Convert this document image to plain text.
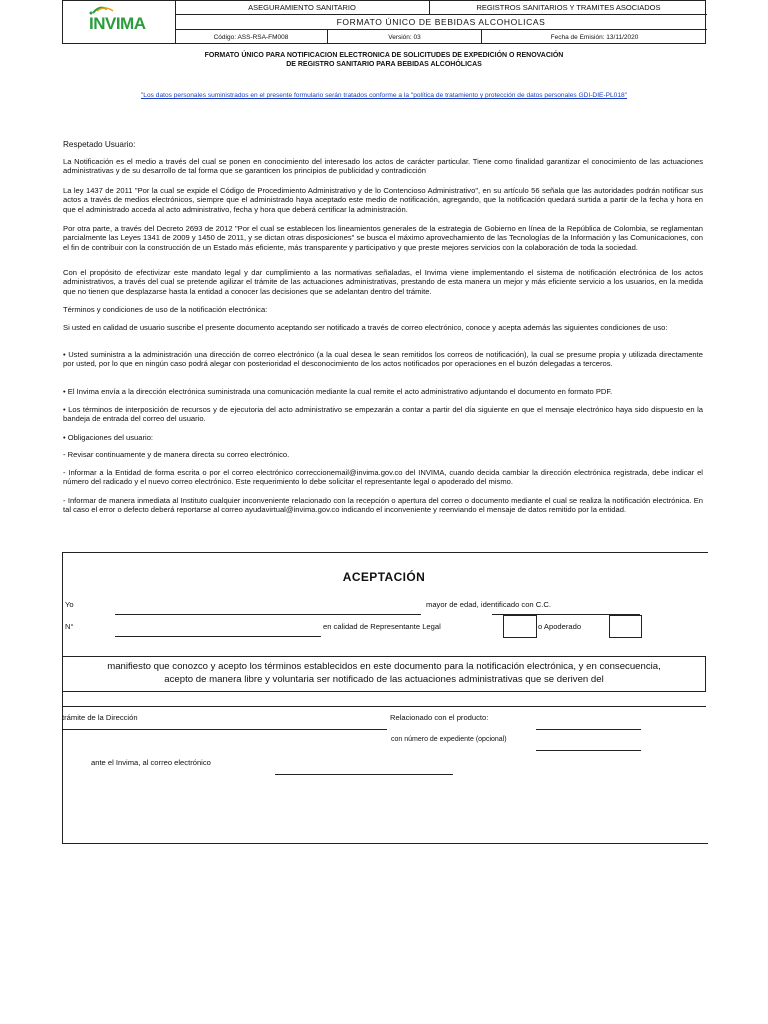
INVIMA
ASEGURAMIENTO SANITARIO	REGISTROS SANITARIOS Y TRAMITES ASOCIADOS
FORMATO ÚNICO DE BEBIDAS ALCOHOLICAS
Código: ASS-RSA-FM008	Versión: 03	Fecha de Emisión: 13/11/2020
FORMATO ÚNICO PARA NOTIFICACION ELECTRONICA DE SOLICITUDES DE EXPEDICIÓN O RENOVACIÓN
DE REGISTRO SANITARIO PARA BEBIDAS ALCOHÓLICAS
"Los datos personales suministrados en el presente formulario serán tratados conforme a la "política de tratamiento y protección de datos personales GDI-DIE-PL018"
Respetado Usuario:
La Notificación es el medio a través del cual se ponen en conocimiento del interesado los actos de carácter particular. Tiene como finalidad garantizar el conocimiento de las actuaciones administrativas y de su desarrollo de tal forma que se garanticen los principios de publicidad y contradicción
La ley 1437 de 2011 "Por la cual se expide el Código de Procedimiento Administrativo y de lo Contencioso Administrativo", en su artículo 56 señala que las autoridades podrán notificar sus actos a través de medios electrónicos, siempre que el administrado haya aceptado este medio de notificación, agregando, que la notificación quedará surtida a partir de la fecha y hora en que el administrado acceda al acto administrativo, fecha y hora que deberá certificar la administración.
Por otra parte, a través del Decreto 2693 de 2012 "Por el cual se establecen los lineamientos generales de la estrategia de Gobierno en línea de la República de Colombia, se reglamentan parcialmente las Leyes 1341 de 2009 y 1450 de 2011, y se dictan otras disposiciones" se busca el máximo aprovechamiento de las Tecnologías de la Información y las Comunicaciones, con el fin de contribuir con la construcción de un Estado más eficiente, más transparente y participativo y que preste mejores servicios con la colaboración de toda la sociedad.
Con el propósito de efectivizar este mandato legal y dar cumplimiento a las normativas señaladas, el Invima viene implementando el sistema de notificación electrónica de los actos administrativos, a través del cual se pretende agilizar el trámite de las actuaciones administrativas, prestando de esta manera un mejor y más eficiente servicio a los usuarios, en la medida que no tienen que desplazarse hasta la entidad a conocer las decisiones que se adelantan dentro del trámite.
Términos y condiciones de uso de la notificación electrónica:
Si usted en calidad de usuario suscribe el presente documento aceptando ser notificado a través de correo electrónico, conoce y acepta además las siguientes condiciones de uso:
• Usted suministra a la administración una dirección de correo electrónico (a la cual desea le sean remitidos los correos de notificación), la cual se presume propia y utilizada directamente por usted, por lo que en ningún caso podrá alegar con posterioridad el desconocimiento de los actos notificados por operaciones en el buzón delegadas a terceros.
• El Invima envía a la dirección electrónica suministrada una comunicación mediante la cual remite el acto administrativo adjuntando el documento en formato PDF.
• Los términos de interposición de recursos y de ejecutoria del acto administrativo se empezarán a contar a partir del día siguiente en que el mensaje electrónico haya sido dispuesto en la bandeja de entrada del correo del usuario.
• Obligaciones del usuario:
- Revisar continuamente y de manera directa su correo electrónico.
- Informar a la Entidad de forma escrita o por el correo electrónico correccionemail@invima.gov.co del INVIMA, cuando decida cambiar la dirección electrónica registrada, debe indicar el número del radicado y el nuevo correo electrónico. Este requerimiento lo debe solicitar el representante legal o apoderado del mismo.
- Informar de manera inmediata al Instituto cualquier inconveniente relacionado con la recepción o apertura del correo o documento mediante el cual se realiza la notificación electrónica. En tal caso el error o defecto deberá reportarse al correo ayudavirtual@invima.gov.co indicando el inconveniente y reenviando el mensaje de datos remitido por la entidad.
ACEPTACIÓN
Yo	mayor de edad, identificado con C.C.
N°	en calidad de Representante Legal	o Apoderado
manifiesto que conozco y acepto los términos establecidos en este documento para la notificación electrónica, y en consecuencia,
acepto de manera libre y voluntaria ser notificado de las actuaciones administrativas que se deriven del
trámite de la Dirección	Relacionado con el producto:
con número de expediente (opcional)
ante el Invima, al correo electrónico
